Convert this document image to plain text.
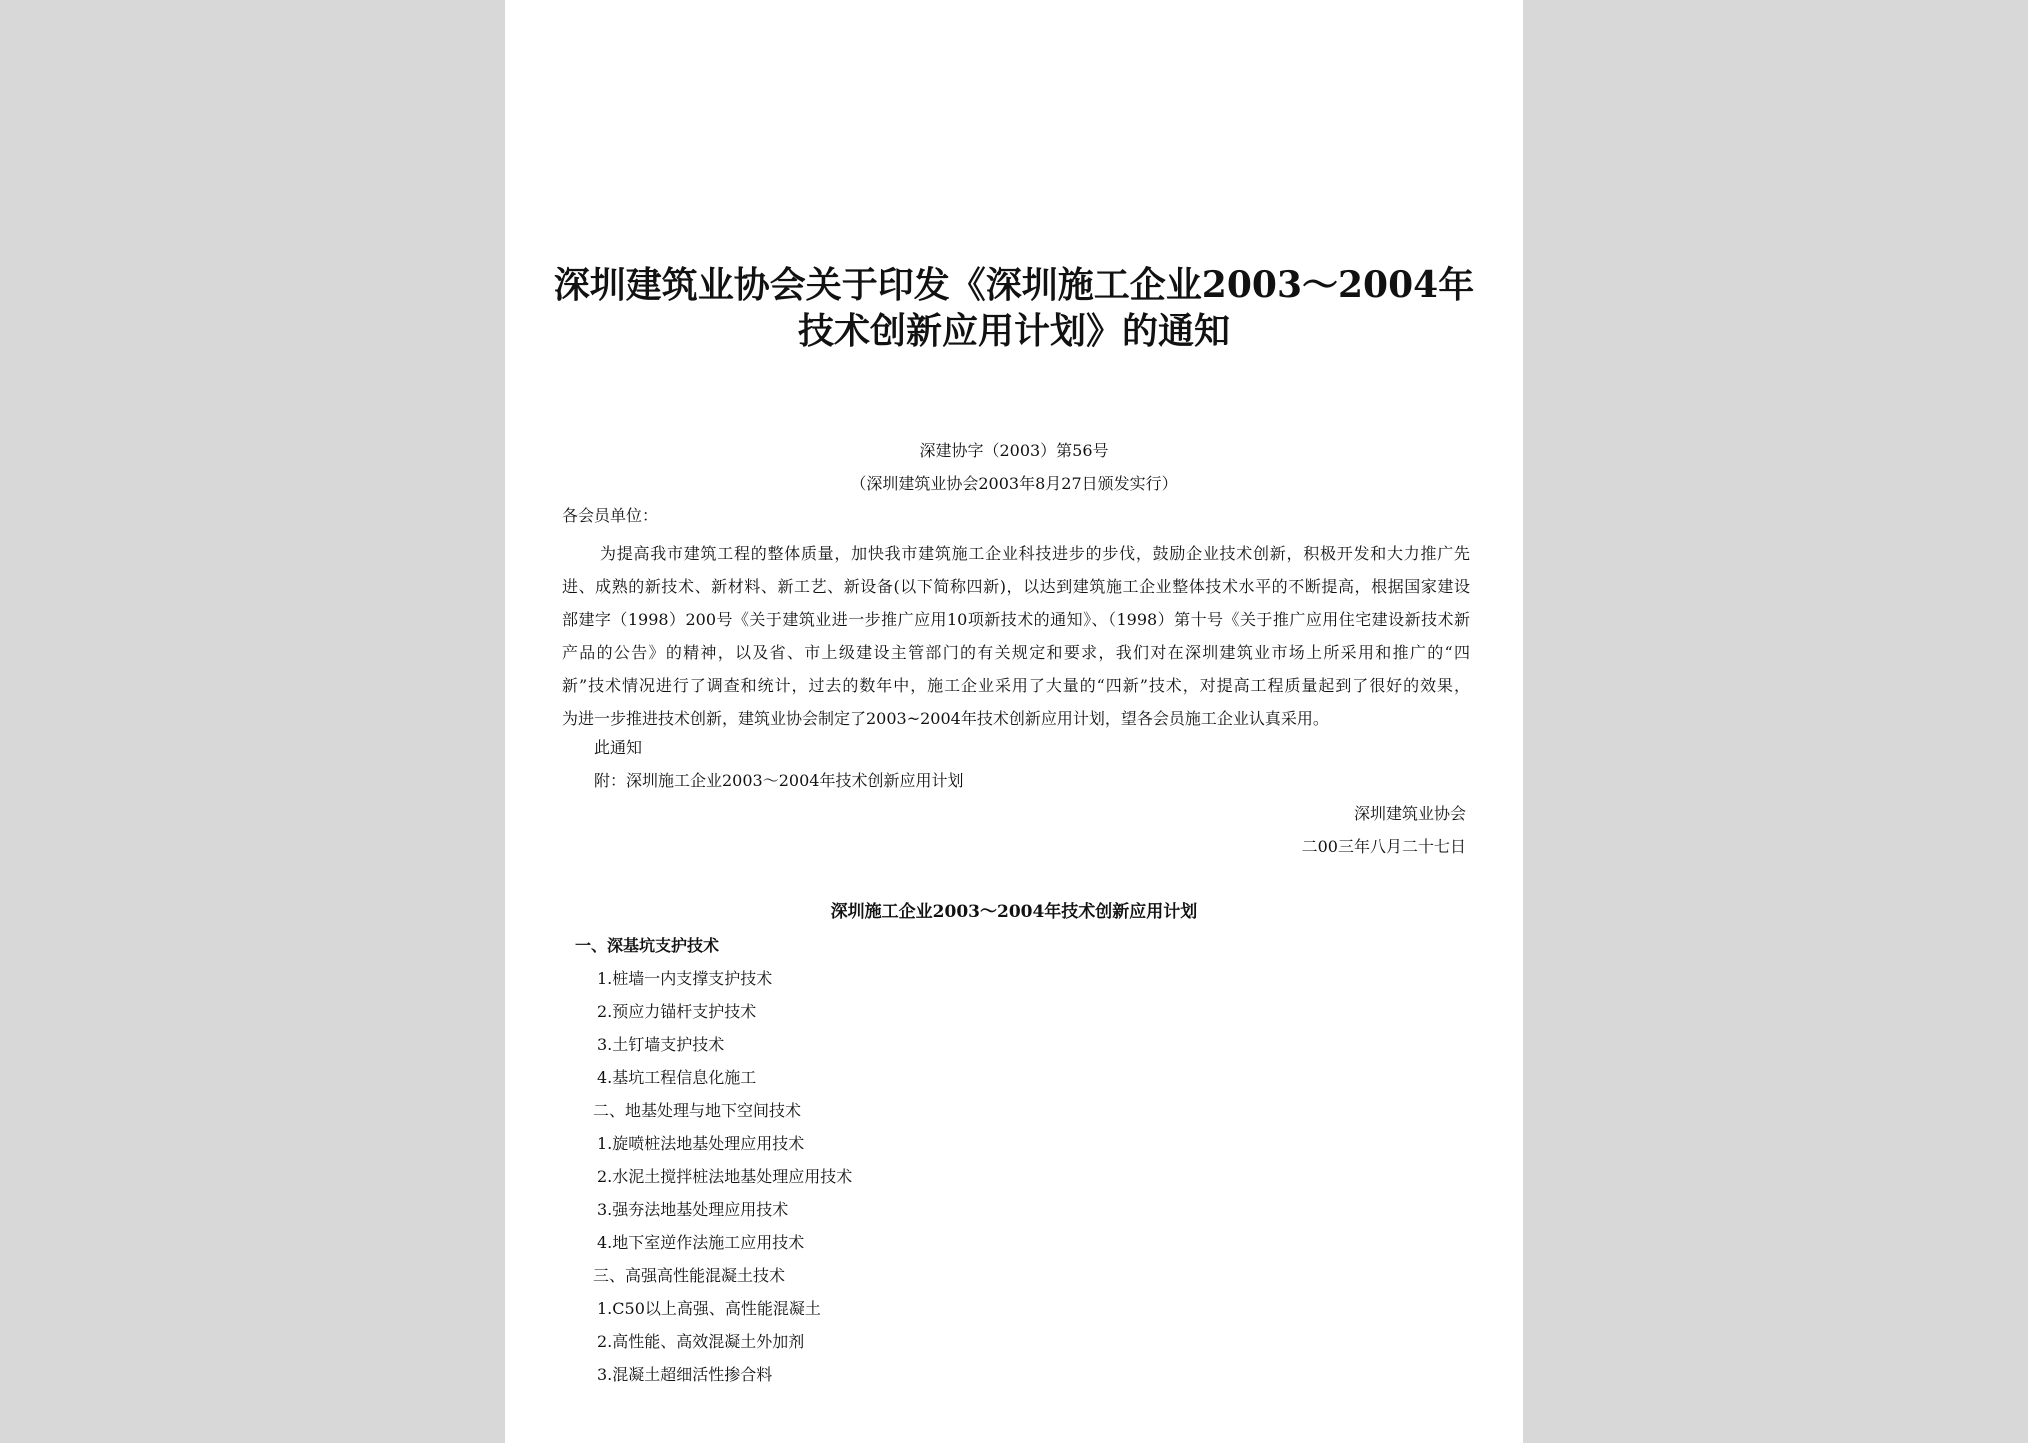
深圳建筑业协会关于印发《深圳施工企业2003～2004年
技术创新应用计划》的通知
深建协字（2003）第56号
（深圳建筑业协会2003年8月27日颁发实行）
各会员单位：
为提高我市建筑工程的整体质量，加快我市建筑施工企业科技进步的步伐，鼓励企业技术创新，积极开发和大力推广先
进、成熟的新技术、新材料、新工艺、新设备(以下简称四新)，以达到建筑施工企业整体技术水平的不断提高，根据国家建设
部建字（1998）200号《关于建筑业进一步推广应用10项新技术的通知》、（1998）第十号《关于推广应用住宅建设新技术新
产品的公告》的精神，以及省、市上级建设主管部门的有关规定和要求，我们对在深圳建筑业市场上所采用和推广的“四
新”技术情况进行了调查和统计，过去的数年中，施工企业采用了大量的“四新”技术，对提高工程质量起到了很好的效果，
为进一步推进技术创新，建筑业协会制定了2003~2004年技术创新应用计划，望各会员施工企业认真采用。
此通知
附：深圳施工企业2003～2004年技术创新应用计划
深圳建筑业协会
二00三年八月二十七日
深圳施工企业2003～2004年技术创新应用计划
一、深基坑支护技术
1.桩墙一内支撑支护技术
2.预应力锚杆支护技术
3.土钉墙支护技术
4.基坑工程信息化施工
二、地基处理与地下空间技术
1.旋喷桩法地基处理应用技术
2.水泥土搅拌桩法地基处理应用技术
3.强夯法地基处理应用技术
4.地下室逆作法施工应用技术
三、高强高性能混凝土技术
1.C50以上高强、高性能混凝土
2.高性能、高效混凝土外加剂
3.混凝土超细活性掺合料
